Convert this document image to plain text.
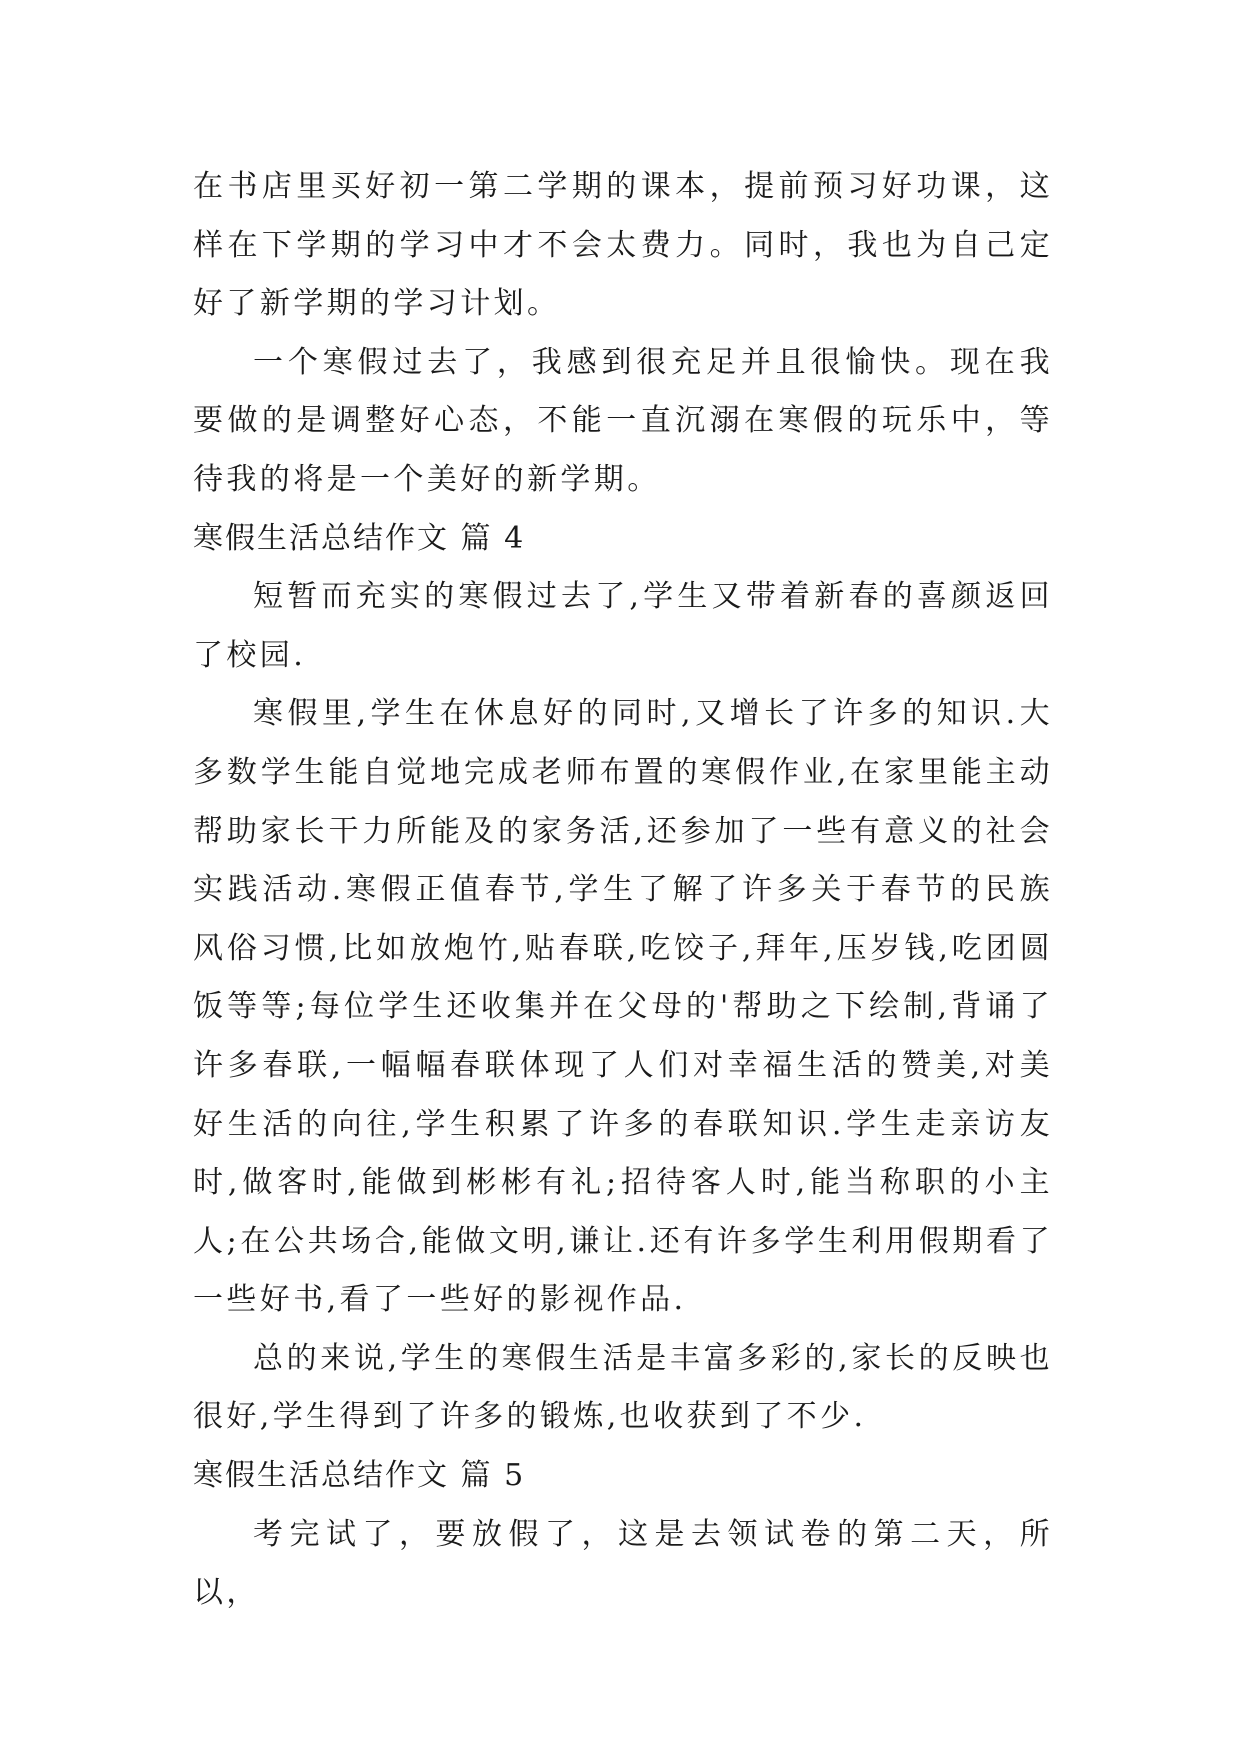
在书店里买好初一第二学期的课本，提前预习好功课，这样在下学期的学习中才不会太费力。同时，我也为自己定好了新学期的学习计划。

一个寒假过去了，我感到很充足并且很愉快。现在我要做的是调整好心态，不能一直沉溺在寒假的玩乐中，等待我的将是一个美好的新学期。

寒假生活总结作文 篇 4

短暂而充实的寒假过去了,学生又带着新春的喜颜返回了校园.

寒假里,学生在休息好的同时,又增长了许多的知识.大多数学生能自觉地完成老师布置的寒假作业,在家里能主动帮助家长干力所能及的家务活,还参加了一些有意义的社会实践活动.寒假正值春节,学生了解了许多关于春节的民族风俗习惯,比如放炮竹,贴春联,吃饺子,拜年,压岁钱,吃团圆饭等等;每位学生还收集并在父母的'帮助之下绘制,背诵了许多春联,一幅幅春联体现了人们对幸福生活的赞美,对美好生活的向往,学生积累了许多的春联知识.学生走亲访友时,做客时,能做到彬彬有礼;招待客人时,能当称职的小主人;在公共场合,能做文明,谦让.还有许多学生利用假期看了一些好书,看了一些好的影视作品.

总的来说,学生的寒假生活是丰富多彩的,家长的反映也很好,学生得到了许多的锻炼,也收获到了不少.

寒假生活总结作文 篇 5

考完试了，要放假了，这是去领试卷的第二天，所以，
